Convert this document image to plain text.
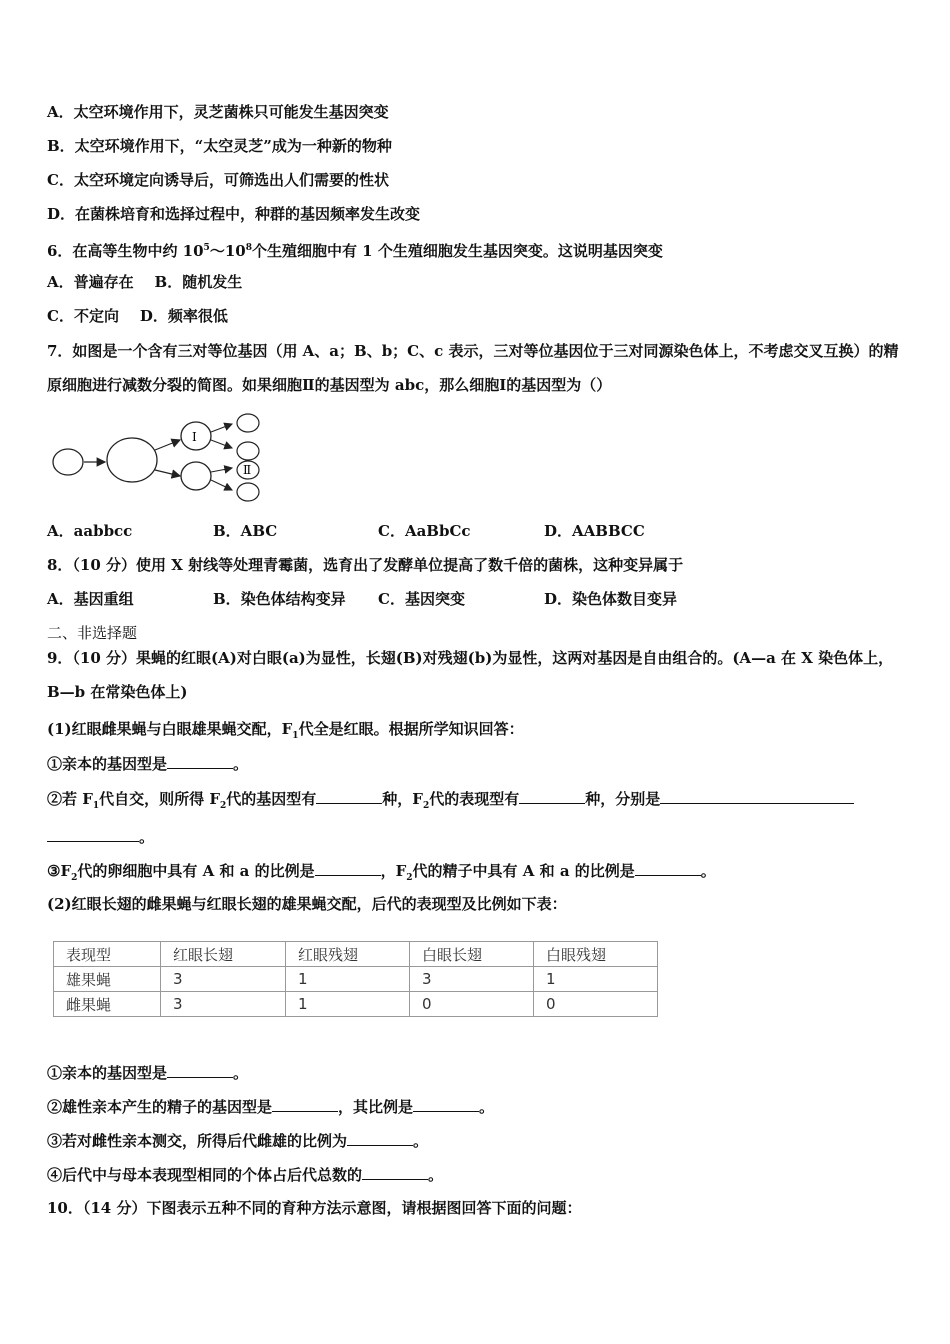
A．太空环境作用下，灵芝菌株只可能发生基因突变
B．太空环境作用下，“太空灵芝”成为一种新的物种
C．太空环境定向诱导后，可筛选出人们需要的性状
D．在菌株培育和选择过程中，种群的基因频率发生改变
6．在高等生物中约 $10^5\sim 10^8$个生殖细胞中有 1 个生殖细胞发生基因突变。这说明基因突变
A．普遍存在 B．随机发生
C．不定向 D．频率很低
7．如图是一个含有三对等位基因（用 A、a；B、b；C、c 表示，三对等位基因位于三对同源染色体上，不考虑交叉互换）的精原细胞进行减数分裂的简图。如果细胞Ⅱ的基因型为 abc，那么细胞Ⅰ的基因型为（）
Ⅰ
Ⅱ
A．aabbcc	B．ABC	C．AaBbCc	D．AABBCC
8．（10 分）使用 X 射线等处理青霉菌，选育出了发酵单位提高了数千倍的菌株，这种变异属于
A．基因重组	B．染色体结构变异 C．基因突变	D．染色体数目变异
二、非选择题
9．（10 分）果蝇的红眼(A)对白眼(a)为显性，长翅(B)对残翅(b)为显性，这两对基因是自由组合的。(A—a 在 X 染色体上，B—b 在常染色体上)
(1)红眼雌果蝇与白眼雄果蝇交配，$F_1$代全是红眼。根据所学知识回答：
①亲本的基因型是	。
②若 $F_1$代自交，则所得 $F_2$代的基因型有	种，$F_2$代的表现型有	种，分别是
。
$③F_2$代的卵细胞中具有 A 和 a 的比例是	，$F_2$代的精子中具有 A 和 a 的比例是	。
(2)红眼长翅的雌果蝇与红眼长翅的雄果蝇交配，后代的表现型及比例如下表：
表现型	红眼长翅	红眼残翅	白眼长翅	白眼残翅
雄果蝇	3	1	3	1
雌果蝇	3	1	0	0
①亲本的基因型是	。
②雄性亲本产生的精子的基因型是	，其比例是	。
③若对雌性亲本测交，所得后代雌雄的比例为	。
④后代中与母本表现型相同的个体占后代总数的	。
10．（14 分）下图表示五种不同的育种方法示意图，请根据图回答下面的问题：
